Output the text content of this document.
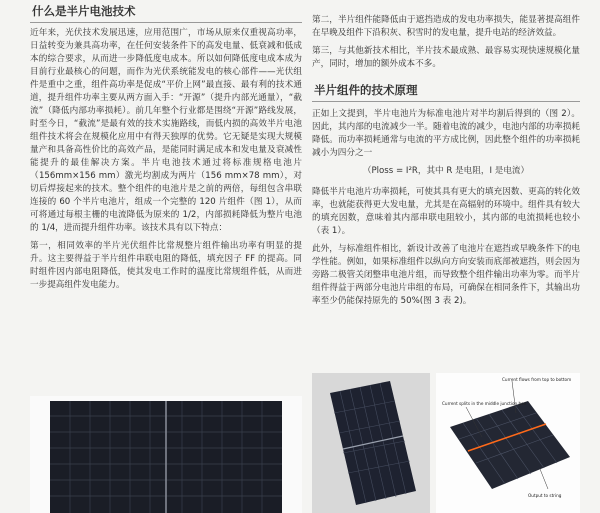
什么是半片电池技术

近年来，光伏技术发展迅速，应用范围广，市场从原来仅重视高功率，日益转变为兼具高功率，在任何安装条件下的高发电量、低衰减和低成本的综合要求，从而进一步降低度电成本。所以如何降低度电成本成为目前行业最核心的问题，而作为光伏系统能发电的核心部件——光伏组件是重中之重，组件高功率是促成“平价上网”最直接、最有利的技术通道，提升组件功率主要从两方面入手：“开源”（提升内部光通量），“截流”（降低内部功率损耗）。前几年整个行业都是围绕“开源”路线发展，时至今日，“截流”是最有效的技术实施路线，而低内损的高效半片电池组件技术将会在规模化应用中有得天独厚的优势。它无疑是实现大规模量产和具备高性价比的高效产品，是能同时满足成本和发电量及衰减性能提升的最佳解决方案。半片电池技术通过将标准规格电池片（156mm×156 mm）激光均割成为两片（156 mm×78 mm），对切后焊接起来的技术。整个组件的电池片是之前的两倍，每组包含串联连接的 60 个半片电池片，组成一个完整的 120 片组件（图 1），从而可将通过每根主栅的电流降低为原来的 1/2，内部损耗降低为整片电池的 1/4，进而提升组件功率。该技术具有以下特点：

第一，相同效率的半片光伏组件比常规整片组件输出功率有明显的提升。这主要得益于半片组件串联电阻的降低，填充因子 FF 的提高。同时组件因内部电阻降低，使其发电工作时的温度比常规组件低，从而进一步提高组件发电能力。

第二，半片组件能降低由于遮挡造成的发电功率损失，能显著提高组件在早晚及组件下沿积灰、积雪时的发电量，提升电站的经济效益。

第三，与其他新技术相比，半片技术最成熟、最容易实现快速规模化量产，同时，增加的额外成本不多。

半片组件的技术原理

正如上文提到，半片电池片为标准电池片对半均割后得到的（图 2）。因此，其内部的电流减少一半。随着电流的减少，电池内部的功率损耗降低。而功率损耗通常与电流的平方成比例，因此整个组件的功率损耗减小为四分之一

（Ploss = I²R，其中 R 是电阻，I 是电流）

降低半片电池片功率损耗，可使其具有更大的填充因数、更高的转化效率，也就能获得更大发电量，尤其是在高辐射的环境中。组件具有较大的填充因数，意味着其内部串联电阻较小，其内部的电流损耗也较小（表 1）。

此外，与标准组件相比，新设计改善了电池片在遮挡或早晚条件下的电学性能。例如，如果标准组件以纵向方向安装而底部被遮挡，则会因为旁路二极管关闭整串电池片组，而导致整个组件输出功率为零。而半片组件得益于两部分电池片串组的布局，可确保在相同条件下，其输出功率至少仍能保持原先的 50%(图 3 表 2)。

Current flows from top to bottom
Current splits in the middle junction box
Output to string
